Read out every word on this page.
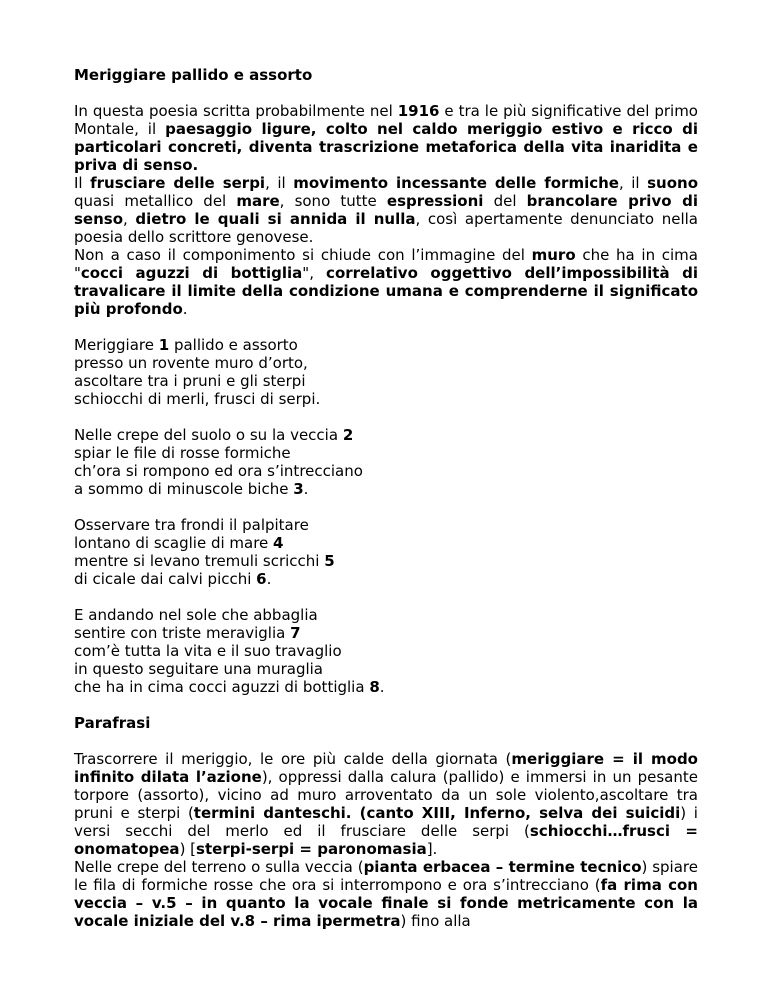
Meriggiare pallido e assorto

In questa poesia scritta probabilmente nel 1916 e tra le più significative del primo Montale, il paesaggio ligure, colto nel caldo meriggio estivo e ricco di particolari concreti, diventa trascrizione metaforica della vita inaridita e priva di senso.

Il frusciare delle serpi, il movimento incessante delle formiche, il suono quasi metallico del mare, sono tutte espressioni del brancolare privo di senso, dietro le quali si annida il nulla, così apertamente denunciato nella poesia dello scrittore genovese.

Non a caso il componimento si chiude con l’immagine del muro che ha in cima "cocci aguzzi di bottiglia", correlativo oggettivo dell’impossibilità di travalicare il limite della condizione umana e comprenderne il significato più profondo.

Meriggiare 1 pallido e assorto
presso un rovente muro d’orto,
ascoltare tra i pruni e gli sterpi
schiocchi di merli, frusci di serpi.
Nelle crepe del suolo o su la veccia 2
spiar le file di rosse formiche
ch’ora si rompono ed ora s’intrecciano
a sommo di minuscole biche 3.
Osservare tra frondi il palpitare
lontano di scaglie di mare 4
mentre si levano tremuli scricchi 5
di cicale dai calvi picchi 6.
E andando nel sole che abbaglia
sentire con triste meraviglia 7
com’è tutta la vita e il suo travaglio
in questo seguitare una muraglia
che ha in cima cocci aguzzi di bottiglia 8.

Parafrasi

Trascorrere il meriggio, le ore più calde della giornata (meriggiare = il modo infinito dilata l’azione), oppressi dalla calura (pallido) e immersi in un pesante torpore (assorto), vicino ad muro arroventato da un sole violento,ascoltare tra pruni e sterpi (termini danteschi. (canto XIII, Inferno, selva dei suicidi) i versi secchi del merlo ed il frusciare delle serpi (schiocchi…frusci = onomatopea) [sterpi-serpi = paronomasia].

Nelle crepe del terreno o sulla veccia (pianta erbacea – termine tecnico) spiare le fila di formiche rosse che ora si interrompono e ora s’intrecciano (fa rima con veccia – v.5 – in quanto la vocale finale si fonde metricamente con la vocale iniziale del v.8 – rima ipermetra) fino alla
